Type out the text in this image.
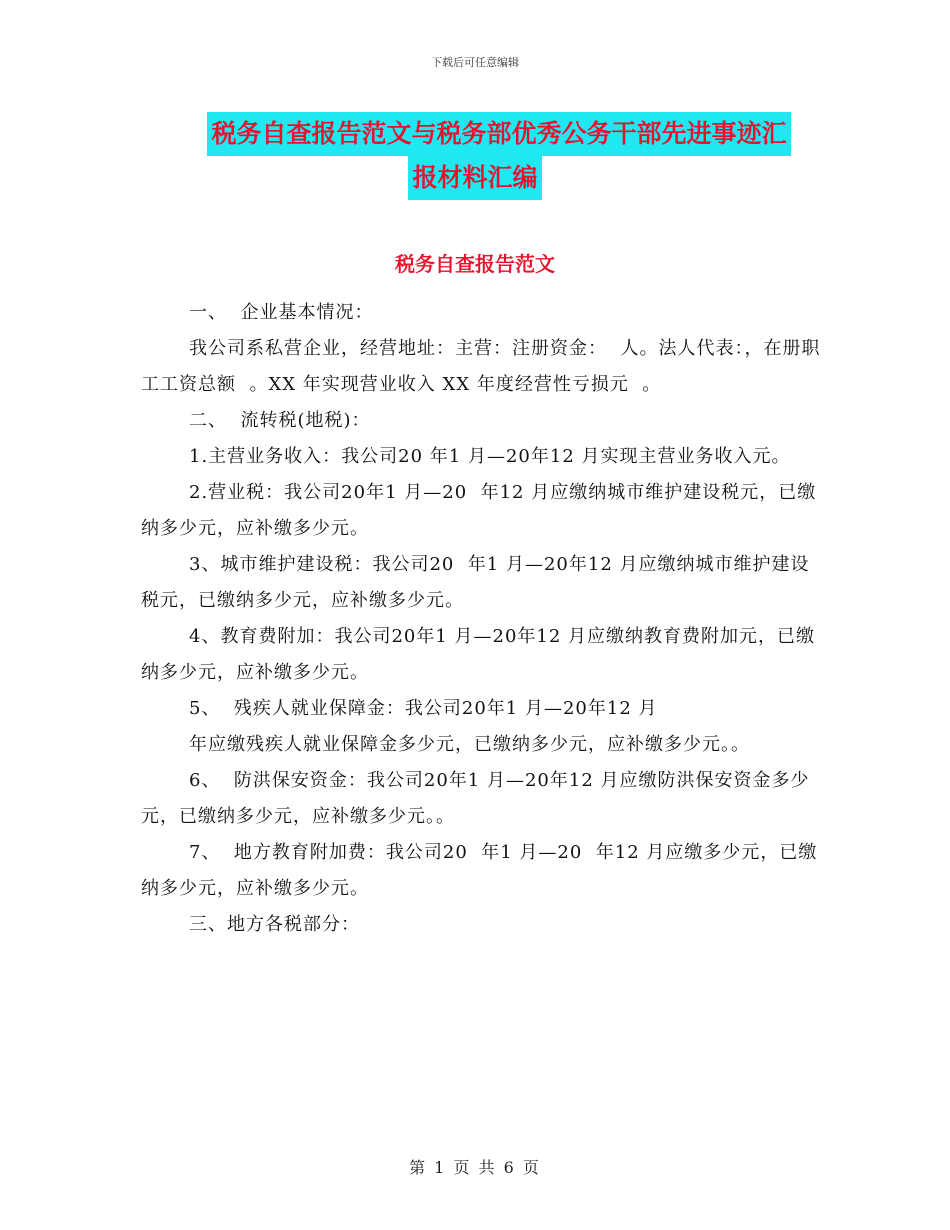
下载后可任意编辑
税务自查报告范文与税务部优秀公务干部先进事迹汇
报材料汇编
税务自查报告范文

一、  企业基本情况：

我公司系私营企业，经营地址：主营：注册资金：  人。法人代表：，在册职工工资总额  。XX 年实现营业收入 XX 年度经营性亏损元  。

二、  流转税(地税)：

1.主营业务收入：我公司20 年1 月—20年12 月实现主营业务收入元。

2.营业税：我公司20年1 月—20  年12 月应缴纳城市维护建设税元，已缴纳多少元，应补缴多少元。

3、城市维护建设税：我公司20  年1 月—20年12 月应缴纳城市维护建设税元，已缴纳多少元，应补缴多少元。

4、教育费附加：我公司20年1 月—20年12 月应缴纳教育费附加元，已缴纳多少元，应补缴多少元。

5、  残疾人就业保障金：我公司20年1 月—20年12 月

年应缴残疾人就业保障金多少元，已缴纳多少元，应补缴多少元。。

6、  防洪保安资金：我公司20年1 月—20年12 月应缴防洪保安资金多少元，已缴纳多少元，应补缴多少元。。

7、  地方教育附加费：我公司20  年1 月—20  年12 月应缴多少元，已缴纳多少元，应补缴多少元。

三、地方各税部分：

第 1 页 共 6 页
